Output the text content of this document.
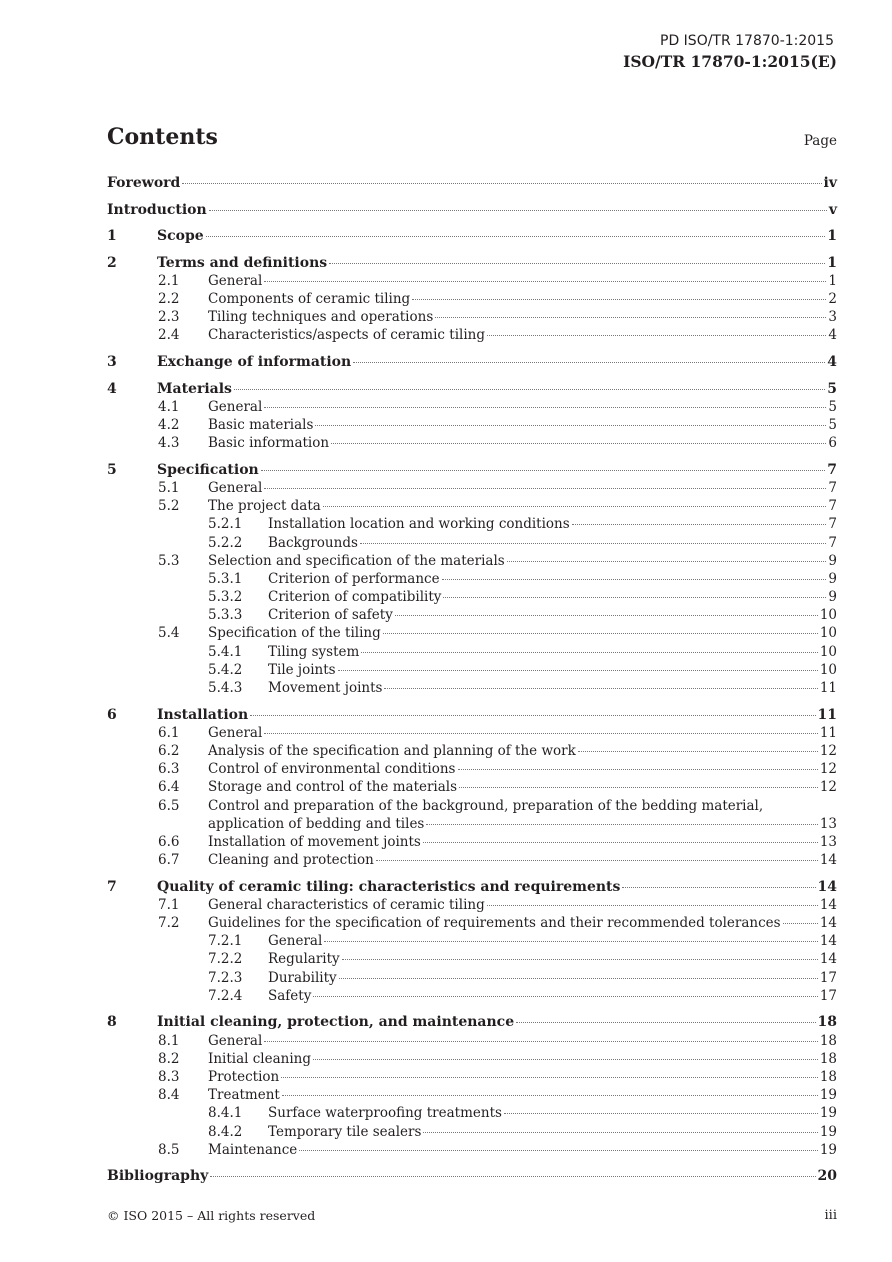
PD ISO/TR 17870-1:2015
ISO/TR 17870-1:2015(E)
Contents	Page
Foreword	iv
Introduction	v
1	Scope	1
2	Terms and definitions	1
2.1	General	1
2.2	Components of ceramic tiling	2
2.3	Tiling techniques and operations	3
2.4	Characteristics/aspects of ceramic tiling	4
3	Exchange of information	4
4	Materials	5
4.1	General	5
4.2	Basic materials	5
4.3	Basic information	6
5	Specification	7
5.1	General	7
5.2	The project data	7
5.2.1	Installation location and working conditions	7
5.2.2	Backgrounds	7
5.3	Selection and specification of the materials	9
5.3.1	Criterion of performance	9
5.3.2	Criterion of compatibility	9
5.3.3	Criterion of safety	10
5.4	Specification of the tiling	10
5.4.1	Tiling system	10
5.4.2	Tile joints	10
5.4.3	Movement joints	11
6	Installation	11
6.1	General	11
6.2	Analysis of the specification and planning of the work	12
6.3	Control of environmental conditions	12
6.4	Storage and control of the materials	12
6.5	Control and preparation of the background, preparation of the bedding material,
application of bedding and tiles	13
6.6	Installation of movement joints	13
6.7	Cleaning and protection	14
7	Quality of ceramic tiling: characteristics and requirements	14
7.1	General characteristics of ceramic tiling	14
7.2	Guidelines for the specification of requirements and their recommended tolerances	14
7.2.1	General	14
7.2.2	Regularity	14
7.2.3	Durability	17
7.2.4	Safety	17
8	Initial cleaning, protection, and maintenance	18
8.1	General	18
8.2	Initial cleaning	18
8.3	Protection	18
8.4	Treatment	19
8.4.1	Surface waterproofing treatments	19
8.4.2	Temporary tile sealers	19
8.5	Maintenance	19
Bibliography	20
© ISO 2015 – All rights reserved	iii
